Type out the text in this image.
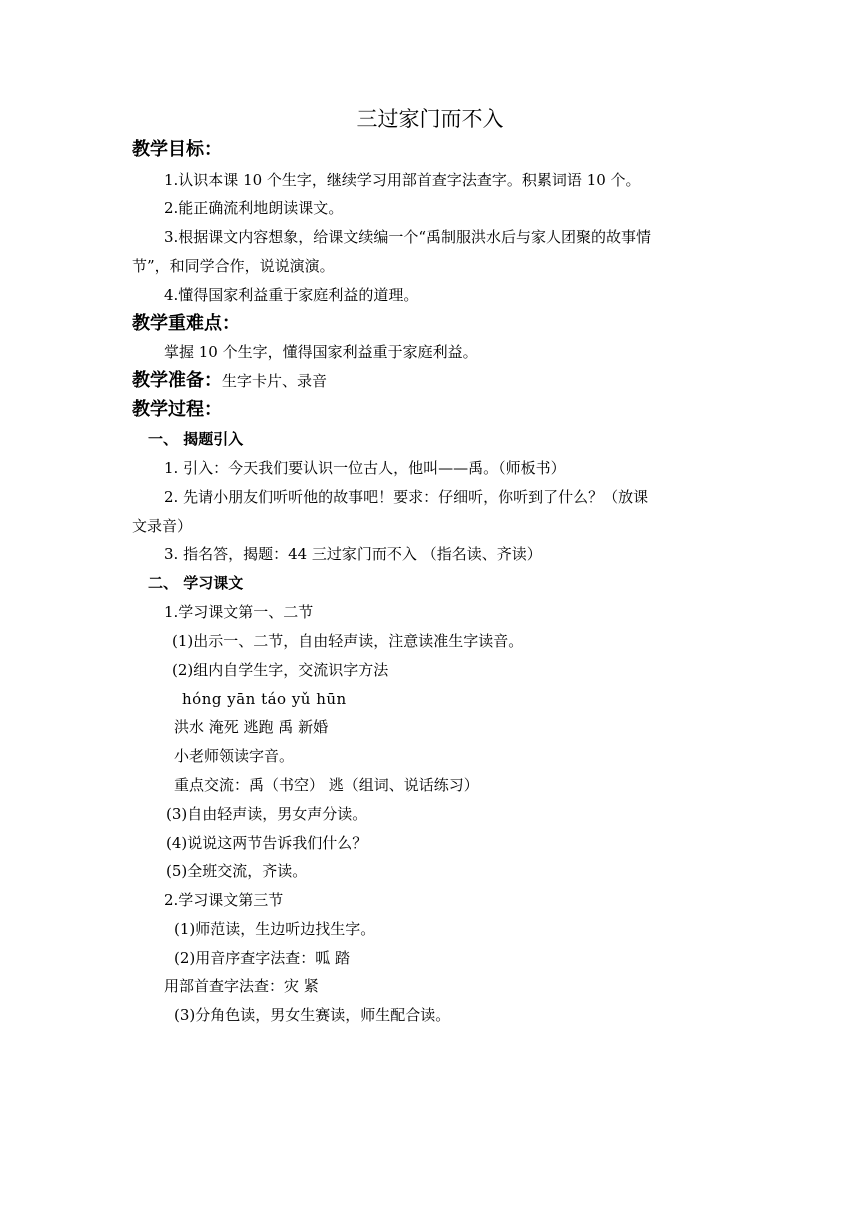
三过家门而不入
教学目标：
1.认识本课 10 个生字，继续学习用部首查字法查字。积累词语 10 个。
2.能正确流利地朗读课文。
3.根据课文内容想象，给课文续编一个“禹制服洪水后与家人团聚的故事情
节”，和同学合作，说说演演。
4.懂得国家利益重于家庭利益的道理。
教学重难点：
掌握 10 个生字，懂得国家利益重于家庭利益。
教学准备：生字卡片、录音
教学过程：
一、 揭题引入
1. 引入：今天我们要认识一位古人，他叫——禹。（师板书）
2. 先请小朋友们听听他的故事吧！要求：仔细听，你听到了什么？（放课
文录音）
3. 指名答，揭题：44 三过家门而不入 （指名读、齐读）
二、 学习课文
1.学习课文第一、二节
(1)出示一、二节，自由轻声读，注意读准生字读音。
(2)组内自学生字，交流识字方法
hóng yān táo yǔ hūn
洪水 淹死 逃跑 禹 新婚
小老师领读字音。
重点交流：禹（书空） 逃（组词、说话练习）
(3)自由轻声读，男女声分读。
(4)说说这两节告诉我们什么？
(5)全班交流，齐读。
2.学习课文第三节
(1)师范读，生边听边找生字。
(2)用音序查字法查：呱 踏
用部首查字法查：灾 紧
(3)分角色读，男女生赛读，师生配合读。
